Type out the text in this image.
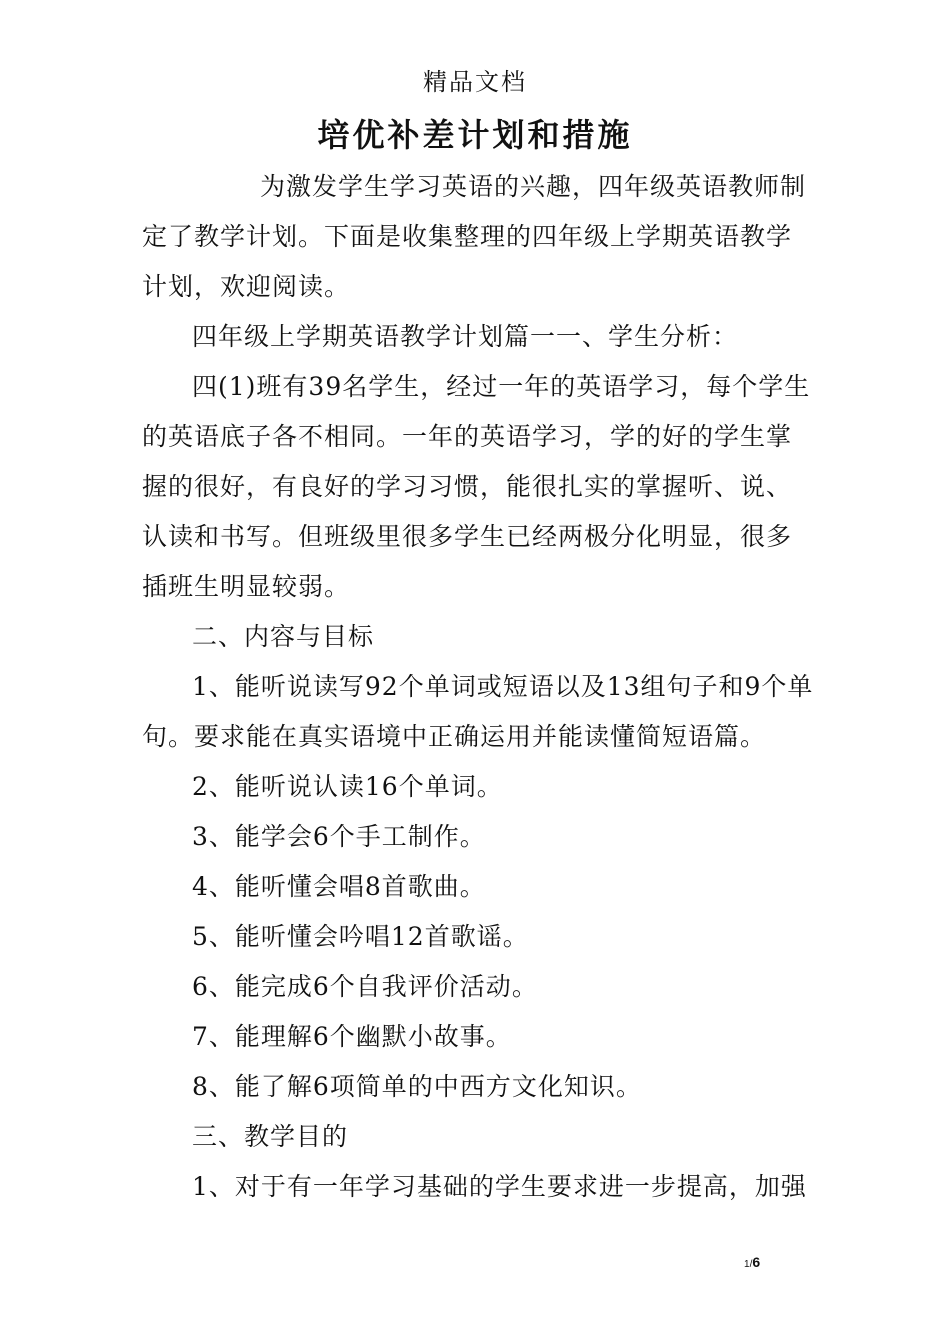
精品文档
培优补差计划和措施

为激发学生学习英语的兴趣，四年级英语教师制定了教学计划。下面是收集整理的四年级上学期英语教学计划，欢迎阅读。

四年级上学期英语教学计划篇一一、学生分析：

四(1)班有39名学生，经过一年的英语学习，每个学生的英语底子各不相同。一年的英语学习，学的好的学生掌握的很好，有良好的学习习惯，能很扎实的掌握听、说、认读和书写。但班级里很多学生已经两极分化明显，很多插班生明显较弱。

二、内容与目标

1、能听说读写92个单词或短语以及13组句子和9个单句。要求能在真实语境中正确运用并能读懂简短语篇。

2、能听说认读16个单词。

3、能学会6个手工制作。

4、能听懂会唱8首歌曲。

5、能听懂会吟唱12首歌谣。

6、能完成6个自我评价活动。

7、能理解6个幽默小故事。

8、能了解6项简单的中西方文化知识。

三、教学目的

1、对于有一年学习基础的学生要求进一步提高，加强

1/6
